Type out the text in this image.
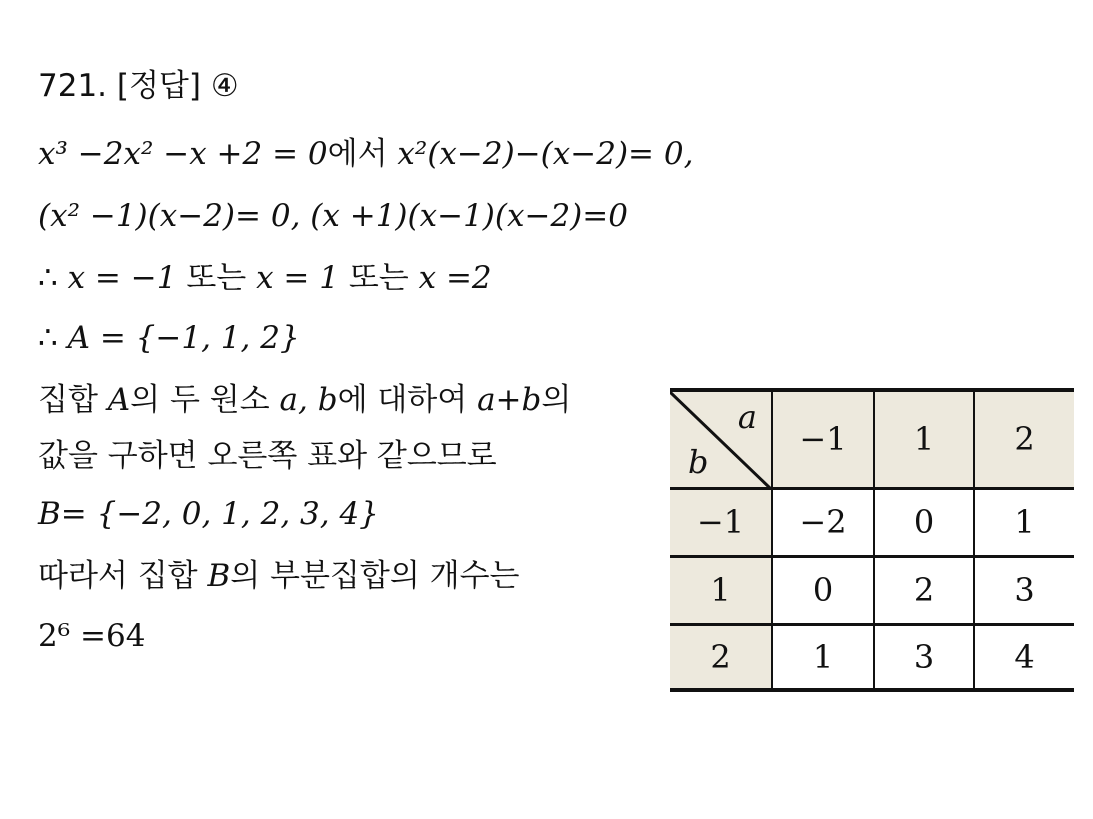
721. [정답] ④
x³ −2x² −x +2 = 0에서 x²(x−2)−(x−2)= 0,
(x² −1)(x−2)= 0, (x +1)(x−1)(x−2)=0
∴ x = −1 또는 x = 1 또는 x =2
∴ A = {−1, 1, 2}
집합 A의 두 원소 a, b에 대하여 a+b의
값을 구하면 오른쪽 표와 같으므로
B= {−2, 0, 1, 2, 3, 4}
따라서 집합 B의 부분집합의 개수는
2⁶ =64
a
b	−1	1	2
−1	−2	0	1
1	0	2	3
2	1	3	4
